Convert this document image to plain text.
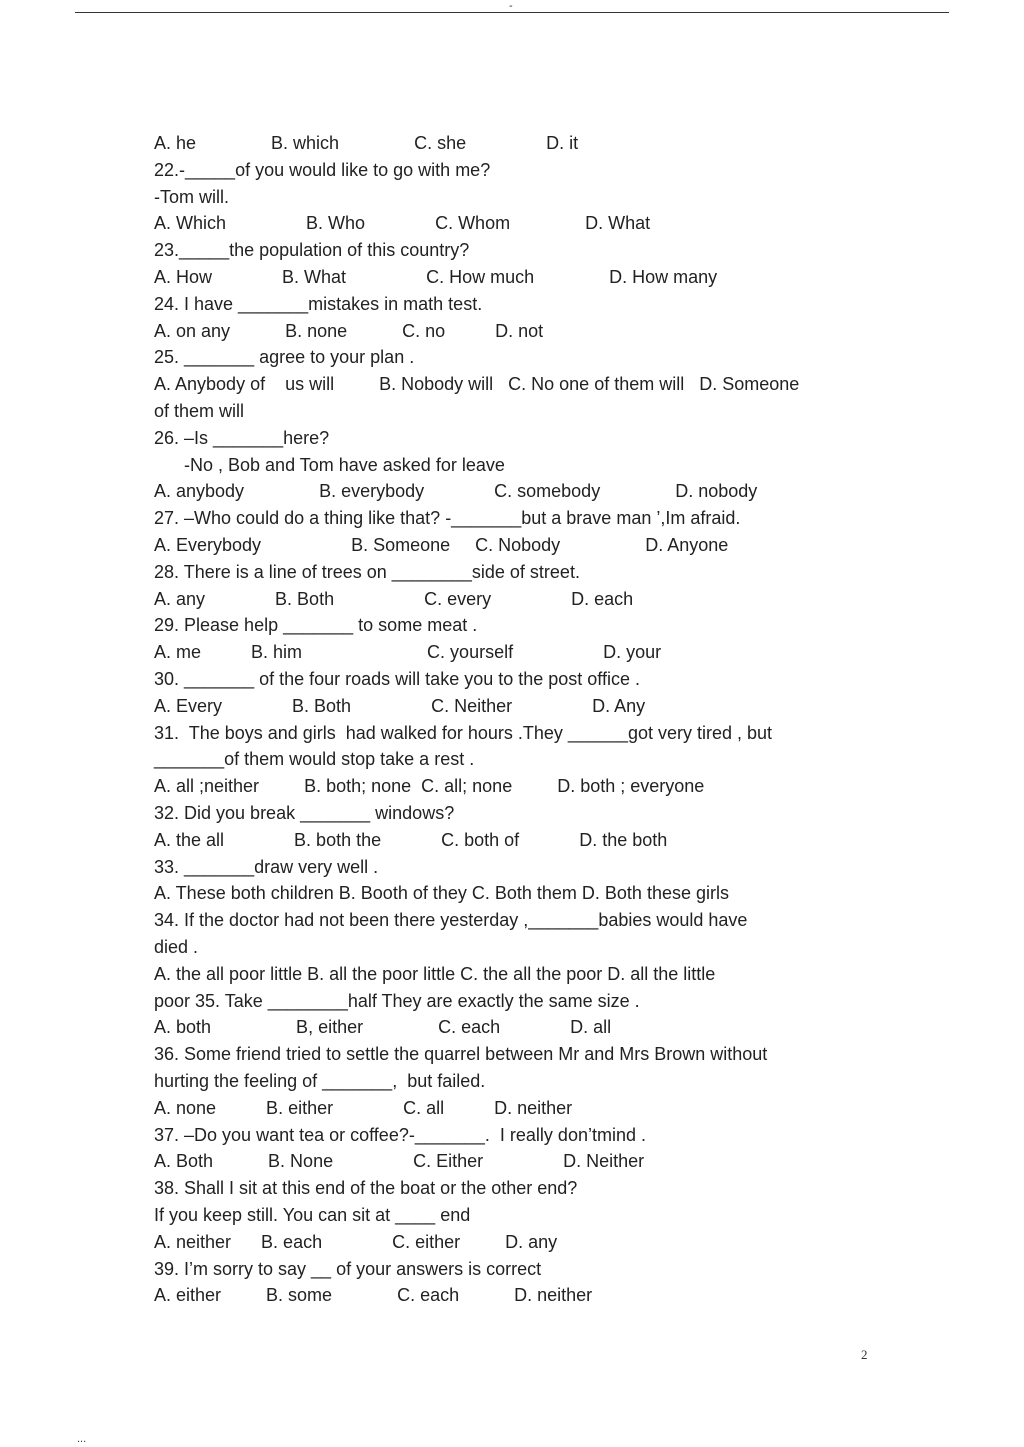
-
A. he               B. which               C. she                D. it
22.-_____of you would like to go with me?
-Tom will.
A. Which                B. Who              C. Whom               D. What
23._____the population of this country?
A. How              B. What                C. How much               D. How many
24. I have _______mistakes in math test.
A. on any           B. none           C. no          D. not
25. _______ agree to your plan .
A. Anybody of    us will         B. Nobody will   C. No one of them will   D. Someone
of them will
26. –Is _______here?
-No , Bob and Tom have asked for leave
A. anybody               B. everybody              C. somebody               D. nobody
27. –Who could do a thing like that? -_______but a brave man ’,Im afraid.
A. Everybody                  B. Someone     C. Nobody                 D. Anyone
28. There is a line of trees on ________side of street.
A. any              B. Both                  C. every                D. each
29. Please help _______ to some meat .
A. me          B. him                         C. yourself                  D. your
30. _______ of the four roads will take you to the post office .
A. Every              B. Both                C. Neither                D. Any
31.  The boys and girls  had walked for hours .They ______got very tired , but
_______of them would stop take a rest .
A. all ;neither         B. both; none  C. all; none         D. both ; everyone
32. Did you break _______ windows?
A. the all              B. both the            C. both of            D. the both
33. _______draw very well .
A. These both children B. Booth of they C. Both them D. Both these girls
34. If the doctor had not been there yesterday ,_______babies would have
died .
A. the all poor little B. all the poor little C. the all the poor D. all the little
poor 35. Take ________half They are exactly the same size .
A. both                 B, either               C. each              D. all
36. Some friend tried to settle the quarrel between Mr and Mrs Brown without
hurting the feeling of _______,  but failed.
A. none          B. either              C. all          D. neither
37. –Do you want tea or coffee?-_______.  I really don’tmind .
A. Both           B. None                C. Either                D. Neither
38. Shall I sit at this end of the boat or the other end?
If you keep still. You can sit at ____ end
A. neither      B. each              C. either         D. any
39. I’m sorry to say __ of your answers is correct
A. either         B. some             C. each           D. neither
2
...
